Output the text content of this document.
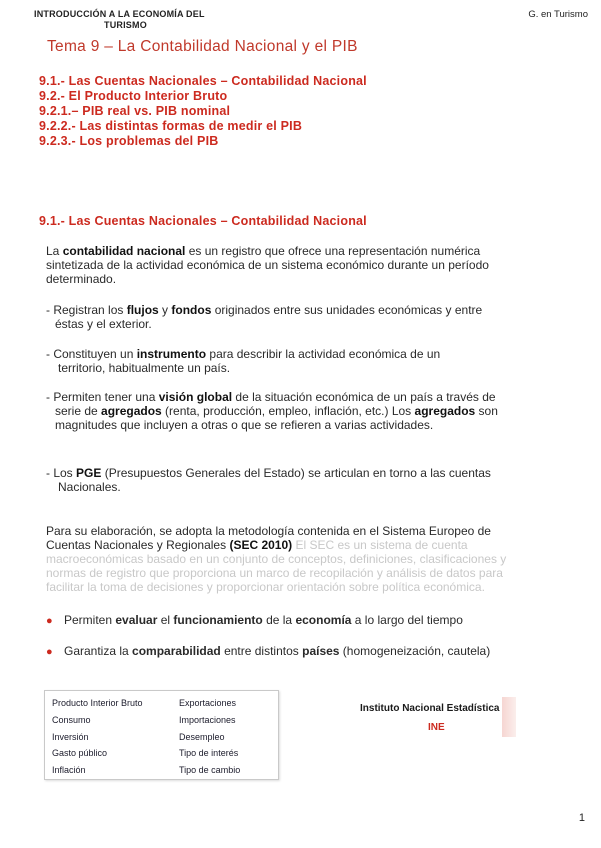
INTRODUCCIÓN A LA ECONOMÍA DEL
TURISMO
G. en Turismo
Tema 9 – La Contabilidad Nacional y el PIB
9.1.- Las Cuentas Nacionales – Contabilidad Nacional
9.2.- El Producto Interior Bruto
9.2.1.– PIB real vs. PIB nominal
9.2.2.- Las distintas formas de medir el PIB
9.2.3.- Los problemas del PIB
9.1.- Las Cuentas Nacionales – Contabilidad Nacional
La contabilidad nacional es un registro que ofrece una representación numérica
sintetizada de la actividad económica de un sistema económico durante un período
determinado.
- Registran los flujos y fondos originados entre sus unidades económicas y entre
éstas y el exterior.
- Constituyen un instrumento para describir la actividad económica de un
territorio, habitualmente un país.
- Permiten tener una visión global de la situación económica de un país a través de
serie de agregados (renta, producción, empleo, inflación, etc.) Los agregados son
magnitudes que incluyen a otras o que se refieren a varias actividades.
- Los PGE (Presupuestos Generales del Estado) se articulan en torno a las cuentas
Nacionales.
Para su elaboración, se adopta la metodología contenida en el Sistema Europeo de
Cuentas Nacionales y Regionales (SEC 2010) El SEC es un sistema de cuenta
macroeconómicas basado en un conjunto de conceptos, definiciones, clasificaciones y
normas de registro que proporciona un marco de recopilación y análisis de datos para
facilitar la toma de decisiones y proporcionar orientación sobre política económica.
● Permiten evaluar el funcionamiento de la economía a lo largo del tiempo
● Garantiza la comparabilidad entre distintos países (homogeneización, cautela)
Producto Interior Bruto
Consumo
Inversión
Gasto público
Inflación
Exportaciones
Importaciones
Desempleo
Tipo de interés
Tipo de cambio
Instituto Nacional Estadística
INE
1
